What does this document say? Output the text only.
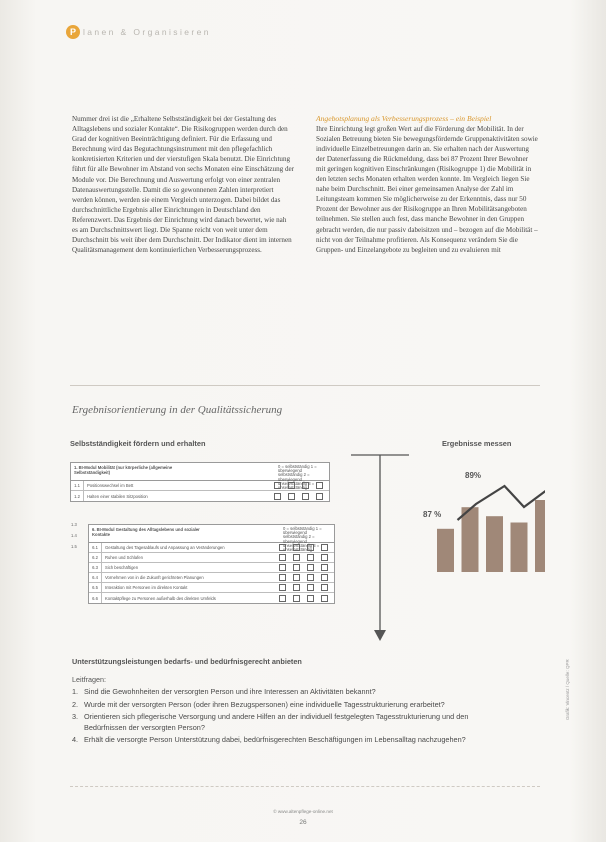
P lanen & Organisieren

Nummer drei ist die „Erhaltene Selbstständigkeit bei der Gestaltung des Alltagslebens und sozialer Kontakte“. Die Risikogruppen werden durch den Grad der kognitiven Beeinträchtigung definiert. Für die Erfassung und Berechnung wird das Begutachtungsinstrument mit den pflegefachlich konkretisierten Kriterien und der vierstufigen Skala benutzt. Die Einrichtung führt für alle Bewohner im Abstand von sechs Monaten eine Einschätzung der Module vor. Die Berechnung und Auswertung erfolgt von einer zentralen Datenauswertungsstelle. Damit die so gewonnenen Zahlen interpretiert werden können, werden sie einem Vergleich unterzogen. Dabei bildet das durchschnittliche Ergebnis aller Einrichtungen in Deutschland den Referenzwert. Das Ergebnis der Einrichtung wird danach bewertet, wie nah es am Durchschnittswert liegt. Die Spanne reicht von weit unter dem Durchschnitt bis weit über dem Durchschnitt. Der Indikator dient im internen Qualitätsmanagement dem kontinuierlichen Verbesserungsprozess.

Angebotsplanung als Verbesserungsprozess – ein Beispiel

Ihre Einrichtung legt großen Wert auf die Förderung der Mobilität. In der Sozialen Betreuung bieten Sie bewegungsfördernde Gruppenaktivitäten sowie individuelle Einzelbetreuungen darin an. Sie erhalten nach der Auswertung der Datenerfassung die Rückmeldung, dass bei 87 Prozent Ihrer Bewohner mit geringen kognitiven Einschränkungen (Risikogruppe 1) die Mobilität in den letzten sechs Monaten erhalten werden konnte. Im Vergleich liegen Sie nahe beim Durchschnitt. Bei einer gemeinsamen Analyse der Zahl im Leitungsteam kommen Sie möglicherweise zu der Erkenntnis, dass nur 50 Prozent der Bewohner aus der Risikogruppe an Ihren Mobilitätsangeboten teilnehmen. Sie stellen auch fest, dass manche Bewohner in den Gruppen gebracht werden, die nur passiv dabeisitzen und – bezogen auf die Mobilität – nicht von der Teilnahme profitieren. Als Konsequenz verändern Sie die Gruppen- und Einzelangebote zu begleiten und zu evaluieren mit

Ergebnisorientierung in der Qualitätssicherung
Selbstständigkeit fördern und erhalten	Ergebnisse messen
1. BI-Modul Mobilität (nur körperliche (allgemeine Selbstständigkeit)
0 = selbstständig 1 = überwiegend selbstständig 2 = überwiegend unselbstständig 3 = unselbstständig
1.1	Positionswechsel im Bett
1.2	Halten einer stabilen Sitzposition
1.3
1.4
1.5
6. BI-Modul Gestaltung des Alltagslebens und sozialer Kontakte
0 = selbstständig 1 = überwiegend selbstständig 2 = überwiegend unselbstständig 3 = unselbstständig
6.1	Gestaltung des Tagesablaufs und Anpassung an Veränderungen
6.2	Ruhen und Schlafen
6.3	Sich beschäftigen
6.4	Vornehmen von in die Zukunft gerichteten Planungen
6.5	Interaktion mit Personen im direkten Kontakt
6.6	Kontaktpflege zu Personen außerhalb des direkten Umfelds
87 %
89%
Unterstützungsleistungen bedarfs- und bedürfnisgerecht anbieten
Leitfragen:
1. Sind die Gewohnheiten der versorgten Person und ihre Interessen an Aktivitäten bekannt?
2. Wurde mit der versorgten Person (oder ihren Bezugspersonen) eine individuelle Tagesstrukturierung erarbeitet?
3. Orientieren sich pflegerische Versorgung und andere Hilfen an der individuell festgelegten Tagesstrukturierung und den Bedürfnissen der versorgten Person?
4. Erhält die versorgte Person Unterstützung dabei, bedürfnisgerechten Beschäftigungen im Lebensalltag nachzugehen?
© www.altenpflege-online.net
26
Grafik: Vincentz / Quelle: QPR
